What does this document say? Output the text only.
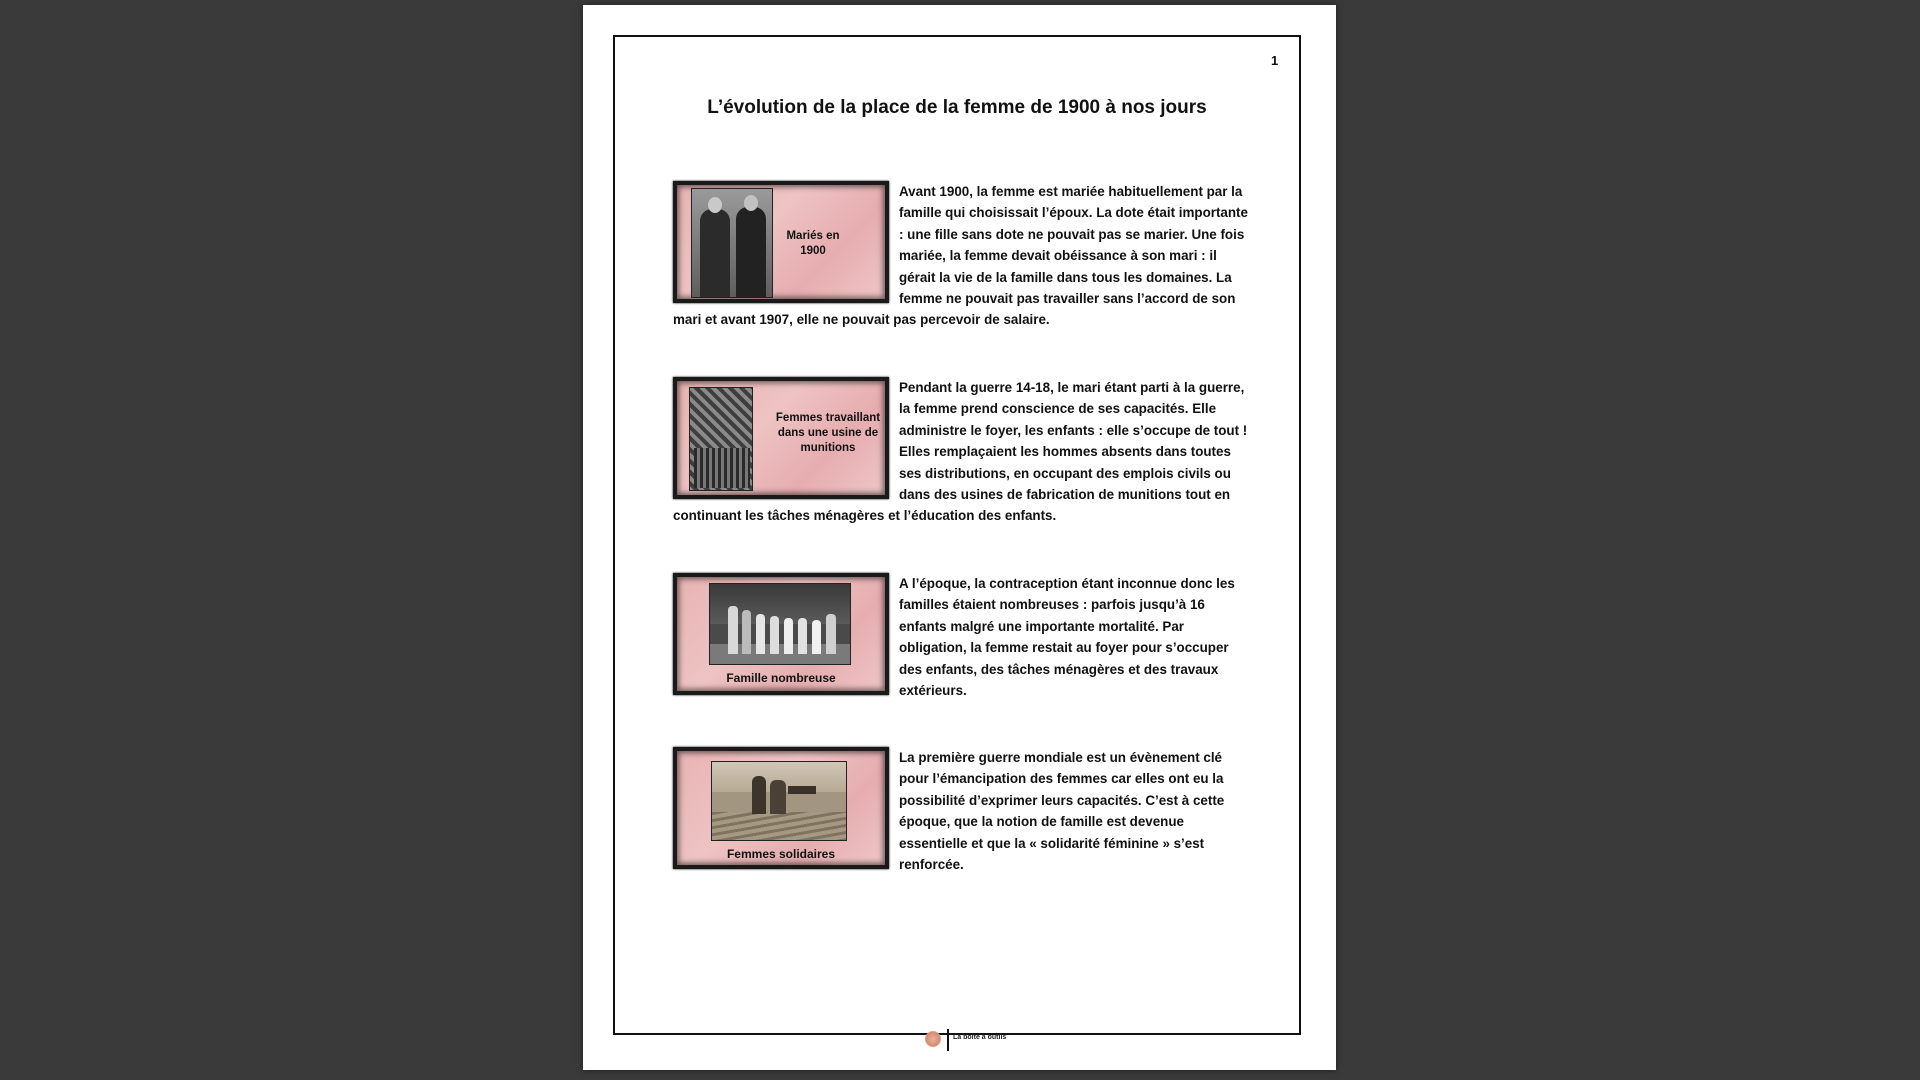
1
L’évolution de la place de la femme de 1900 à nos jours
Mariés en 1900

Avant 1900, la femme est mariée habituellement par la famille qui choisissait l’époux. La dote était importante : une fille sans dote ne pouvait pas se marier. Une fois mariée, la femme devait obéissance à son mari : il gérait la vie de la famille dans tous les domaines. La femme ne pouvait pas travailler sans l’accord de son mari et avant 1907, elle ne pouvait pas percevoir de salaire.

Femmes travaillant dans une usine de munitions

Pendant la guerre 14-18, le mari étant parti à la guerre, la femme prend conscience de ses capacités. Elle administre le foyer, les enfants : elle s’occupe de tout ! Elles remplaçaient les hommes absents dans toutes ses distributions, en occupant des emplois civils ou dans des usines de fabrication de munitions tout en continuant les tâches ménagères et l’éducation des enfants.

Famille nombreuse

A l’époque, la contraception étant inconnue donc les familles étaient nombreuses : parfois jusqu’à 16 enfants malgré une importante mortalité. Par obligation, la femme restait au foyer pour s’occuper des enfants, des tâches ménagères et des travaux extérieurs.

Femmes solidaires

La première guerre mondiale est un évènement clé pour l’émancipation des femmes car elles ont eu la possibilité d’exprimer leurs capacités. C’est à cette époque, que la notion de famille est devenue essentielle et que la « solidarité féminine » s’est renforcée.

La boîte à outils
